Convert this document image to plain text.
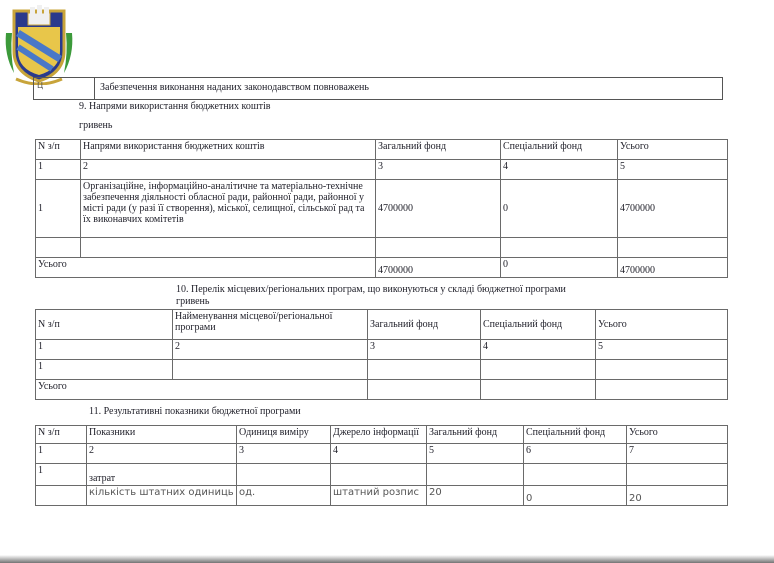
Ц	Забезпечення виконання наданих законодавством повноважень
9. Напрями використання бюджетних коштів
гривень
N з/п	Напрями використання бюджетних коштів	Загальний фонд	Спеціальний фонд	Усього
1	2	3	4	5
1	Організаційне, інформаційно-аналітичне та матеріально-технічне забезпечення діяльності обласної ради, районної ради, районної у місті ради (у разі її створення), міської, селищної, сільської рад та їх виконавчих комітетів	4700000	0	4700000

Усього		4700000	0	4700000
10. Перелік місцевих/регіональних програм, що виконуються у складі бюджетної програми
гривень
N з/п	Найменування місцевої/регіональної програми	Загальний фонд	Спеціальний фонд	Усього
1	2	3	4	5
1				
Усього				
11. Результативні показники бюджетної програми
N з/п	Показники	Одиниця виміру	Джерело інформації	Загальний фонд	Спеціальний фонд	Усього
1	2	3	4	5	6	7
1	затрат					
	кількість штатних одиниць	од.	штатний розпис	20	0	20
